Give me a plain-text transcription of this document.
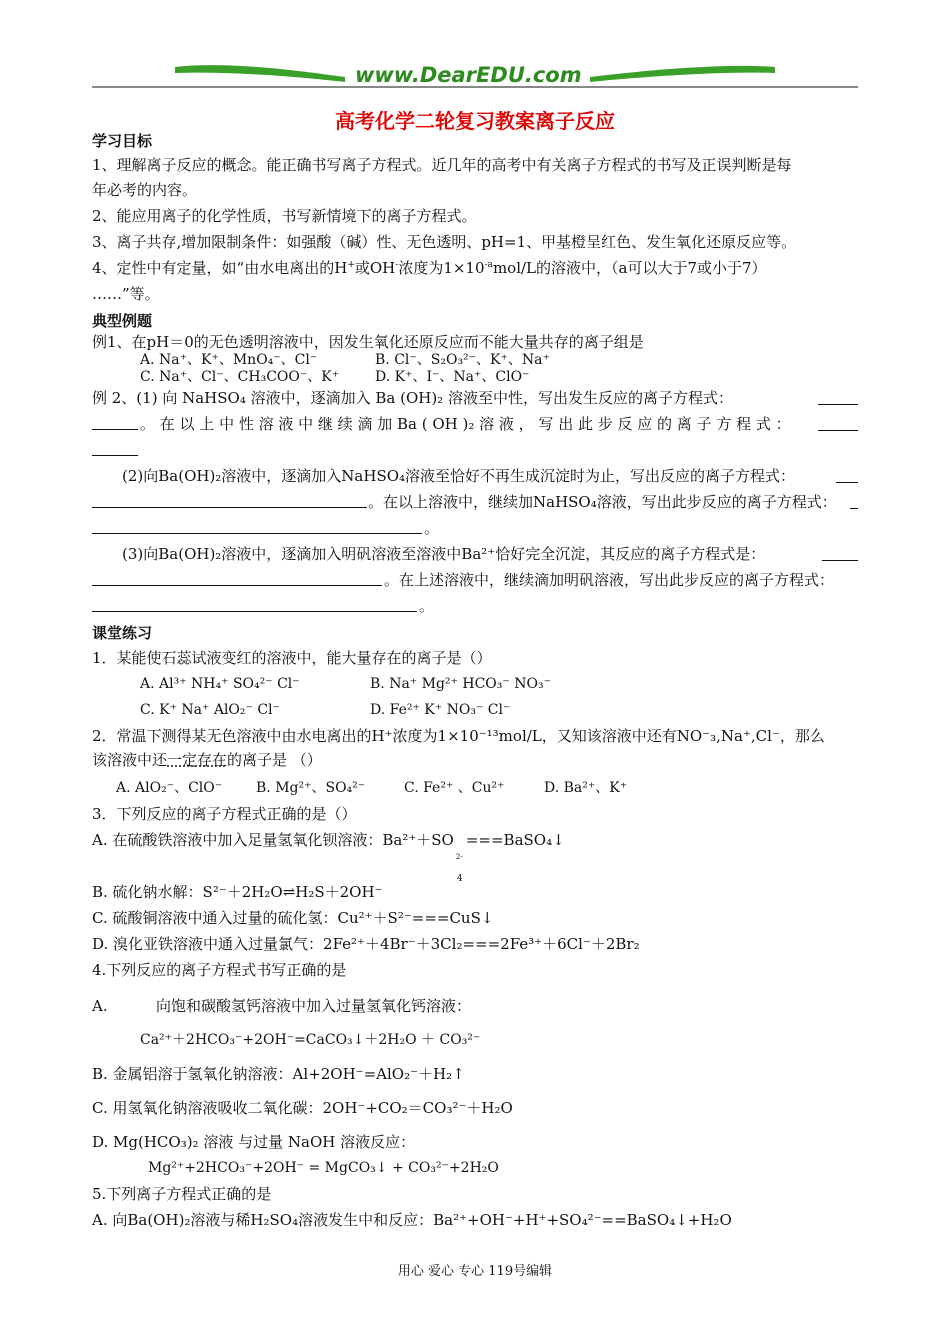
www.DearEDU.com
高考化学二轮复习教案离子反应
学习目标
1、理解离子反应的概念。能正确书写离子方程式。近几年的高考中有关离子方程式的书写及正误判断是每
年必考的内容。
2、能应用离子的化学性质，书写新情境下的离子方程式。
3、离子共存,增加限制条件：如强酸（碱）性、无色透明、pH=1、甲基橙呈红色、发生氧化还原反应等。
4、定性中有定量，如“由水电离出的H+或OH-浓度为$1\times 10^{-a}mol/L$的溶液中，（a可以大于7或小于7）
……”等。
典型例题
例1、在pH＝0的无色透明溶液中，因发生氧化还原反应而不能大量共存的离子组是
A. Na⁺、K⁺、MnO₄⁻、Cl⁻	B. Cl⁻、S₂O₃²⁻、K⁺、Na⁺
C. Na⁺、Cl⁻、CH₃COO⁻、K⁺	D. K⁺、I⁻、Na⁺、ClO⁻
例 2、(1) 向 NaHSO₄ 溶液中，逐滴加入 Ba (OH)₂ 溶液至中性，写出发生反应的离子方程式：
。 在 以 上 中 性 溶 液 中 继 续 滴 加 Ba ( OH )₂ 溶 液 ， 写 出 此 步 反 应 的 离 子 方 程 式 ：
(2)向Ba(OH)₂溶液中，逐滴加入NaHSO₄溶液至恰好不再生成沉淀时为止，写出反应的离子方程式：
。在以上溶液中，继续加NaHSO₄溶液，写出此步反应的离子方程式：
。
(3)向Ba(OH)₂溶液中，逐滴加入明矾溶液至溶液中Ba²⁺恰好完全沉淀，其反应的离子方程式是：
。在上述溶液中，继续滴加明矾溶液，写出此步反应的离子方程式：
。
课堂练习
1．某能使石蕊试液变红的溶液中，能大量存在的离子是（）
A. Al³⁺ NH₄⁺ SO₄²⁻ Cl⁻	B. Na⁺ Mg²⁺ HCO₃⁻ NO₃⁻
C. K⁺ Na⁺ AlO₂⁻ Cl⁻	D. Fe²⁺ K⁺ NO₃⁻ Cl⁻
2．常温下测得某无色溶液中由水电离出的H⁺浓度为1×10⁻¹³mol/L，又知该溶液中还有NO⁻₃,Na⁺,Cl⁻，那么
该溶液中还一定存在的离子是 （）
A. AlO₂⁻、ClO⁻ B. Mg²⁺、SO₄²⁻	C. Fe²⁺ 、Cu²⁺	D. Ba²⁺、K⁺
3．下列反应的离子方程式正确的是（）
A. 在硫酸铁溶液中加入足量氢氧化钡溶液：Ba²⁺＋SO
2-
4
===BaSO₄↓
B. 硫化钠水解：S²⁻＋2H₂O⇌H₂S＋2OH⁻
C. 硫酸铜溶液中通入过量的硫化氢：Cu²⁺＋S²⁻===CuS↓
D. 溴化亚铁溶液中通入过量氯气：2Fe²⁺＋4Br⁻＋3Cl₂===2Fe³⁺＋6Cl⁻＋2Br₂
4.下列反应的离子方程式书写正确的是
A.	向饱和碳酸氢钙溶液中加入过量氢氧化钙溶液：
Ca²⁺＋2HCO₃⁻+2OH⁻=CaCO₃↓＋2H₂O ＋ CO₃²⁻
B. 金属铝溶于氢氧化钠溶液：Al+2OH⁻=AlO₂⁻＋H₂↑
C. 用氢氧化钠溶液吸收二氧化碳：2OH⁻+CO₂＝CO₃²⁻＋H₂O
D. Mg(HCO₃)₂ 溶液 与过量 NaOH 溶液反应：
Mg²⁺+2HCO₃⁻+2OH⁻ = MgCO₃↓ + CO₃²⁻+2H₂O
5.下列离子方程式正确的是
A. 向Ba(OH)₂溶液与稀H₂SO₄溶液发生中和反应：Ba²⁺+OH⁻+H⁺+SO₄²⁻==BaSO₄↓+H₂O
用心 爱心 专心 119号编辑
